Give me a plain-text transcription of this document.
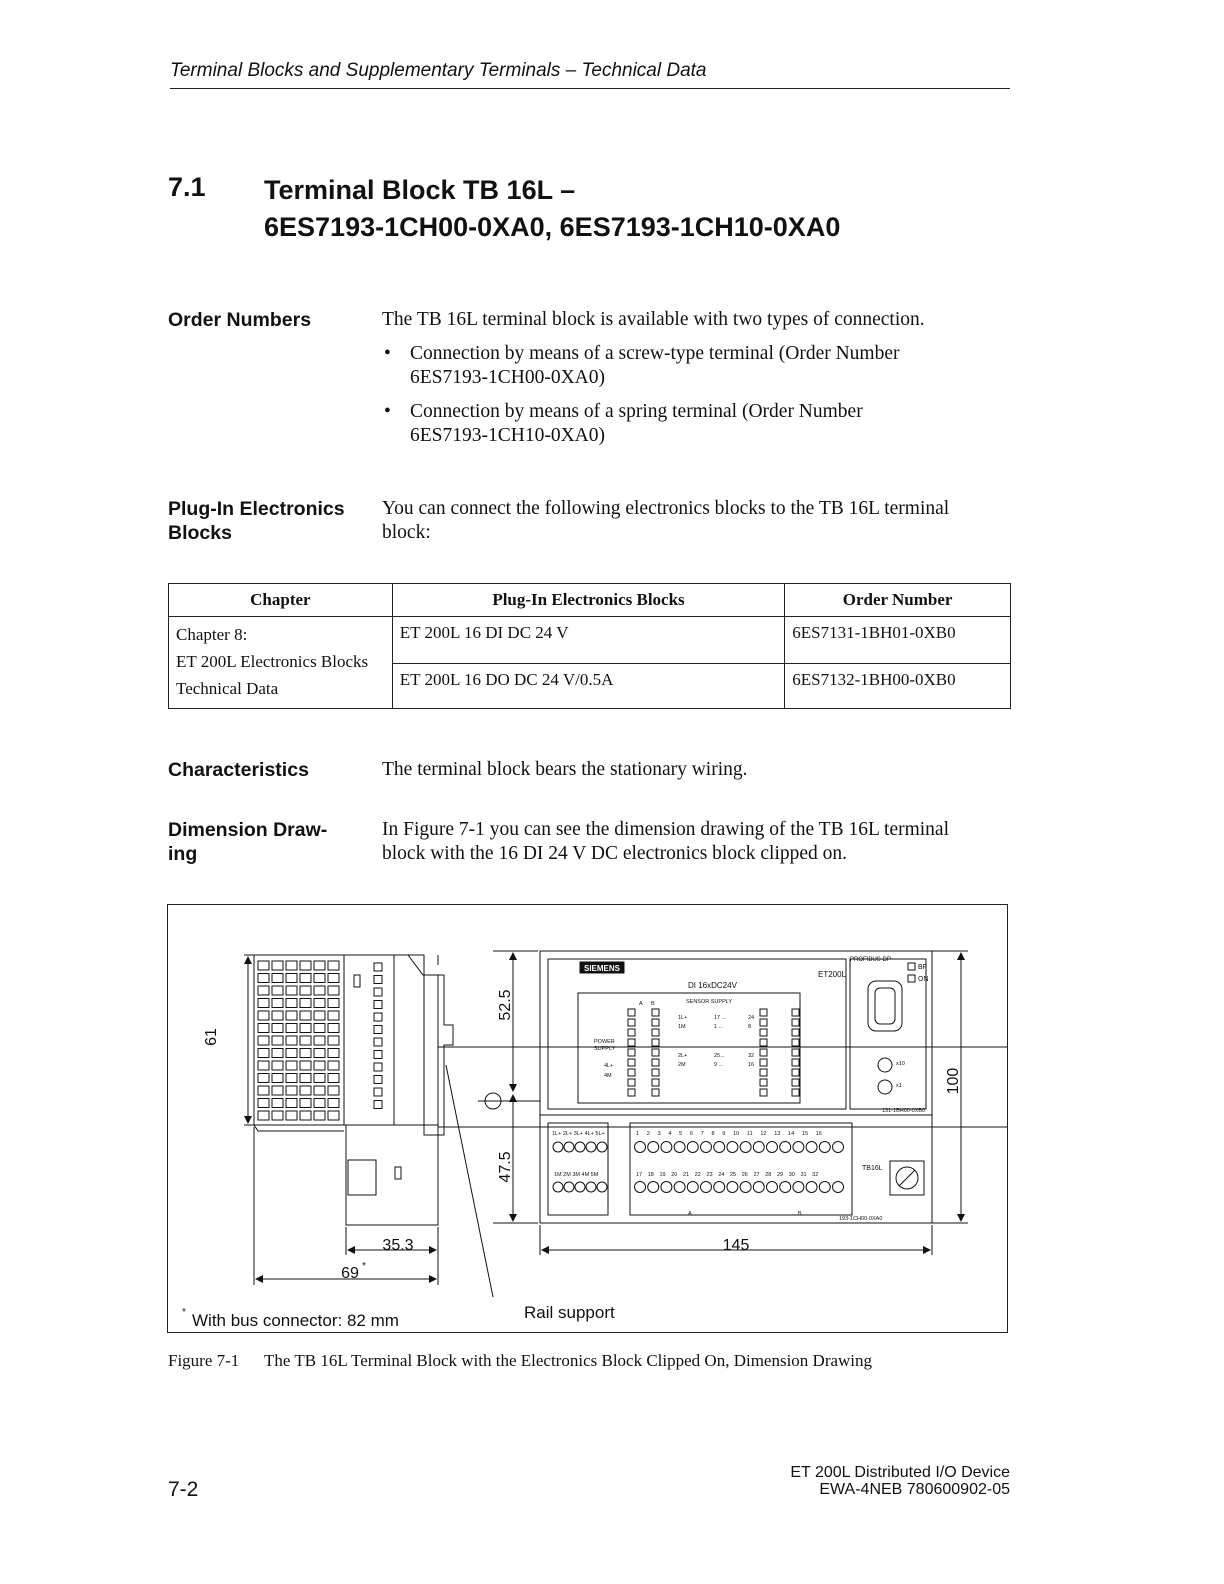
Terminal Blocks and Supplementary Terminals – Technical Data
7.1 Terminal Block TB 16L –
6ES7193-1CH00-0XA0, 6ES7193-1CH10-0XA0
Order Numbers	The TB 16L terminal block is available with two types of connection.
• Connection by means of a screw-type terminal (Order Number
6ES7193-1CH00-0XA0)
• Connection by means of a spring terminal (Order Number
6ES7193-1CH10-0XA0)
Plug-In Electronics
Blocks
You can connect the following electronics blocks to the TB 16L terminal
block:
Chapter	Plug-In Electronics Blocks	Order Number

Chapter 8:
ET 200L Electronics Blocks
Technical Data	ET 200L 16 DI DC 24 V	6ES7131-1BH01-0XB0
	ET 200L 16 DO DC 24 V/0.5A	6ES7132-1BH00-0XB0
Characteristics	The terminal block bears the stationary wiring.
Dimension Draw-
ing
In Figure 7-1 you can see the dimension drawing of the TB 16L terminal
block with the 16 DI 24 V DC electronics block clipped on.
61
52.5
47.5
100
35.3
69 *
145
* With bus connector: 82 mm	Rail support
SIEMENS
ET200L
PROFIBUS-DP
BF
ON
DI 16xDC24V
SENSOR SUPPLY
POWER
SUPPLY
4L+
4M
1L+
1M
2L+
2M
17 ...
1 ...
24
8
25...
9 ...
32
16
A B
x10
x1
131-1BH00-0XB0
193-1CH00-0XA0
TB16L
1L+ 2L+ 3L+ 4L+ 5L+
1M 2M 3M 4M 5M
1 2 3 4 5 6 7 8 9 10 11 12 13 14 15 16
17 18 19 20 21 22 23 24 25 26 27 28 29 30 31 32
A	B
Figure 7-1 The TB 16L Terminal Block with the Electronics Block Clipped On, Dimension Drawing
7-2
ET 200L Distributed I/O Device
EWA-4NEB 780600902-05
